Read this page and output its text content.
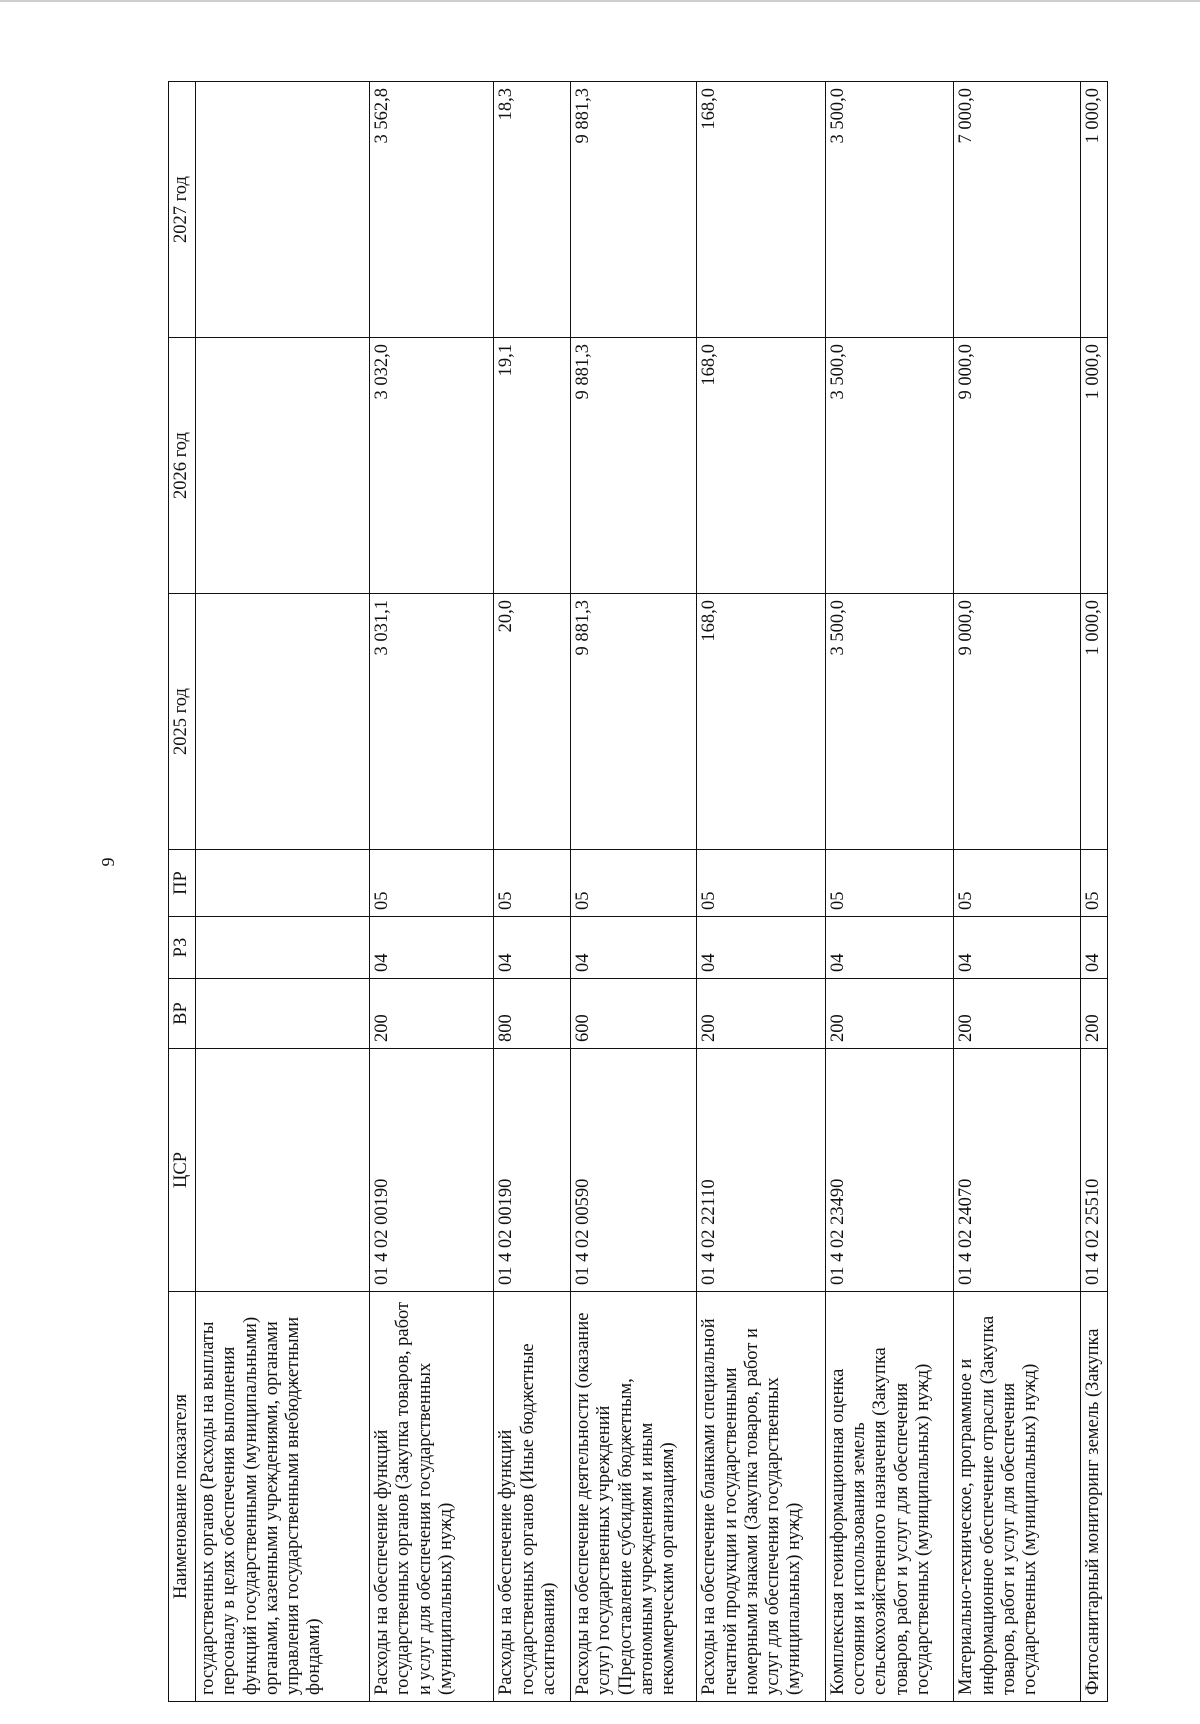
9
Наименование показателя	ЦСР	ВР	РЗ	ПР	2025 год	2026 год	2027 год
государственных органов (Расходы на выплаты персоналу в целях обеспечения выполнения функций государственными (муниципальными) органами, казенными учреждениями, органами управления государственными внебюджетными фондами)							
Расходы на обеспечение функций государственных органов (Закупка товаров, работ и услуг для обеспечения государственных (муниципальных) нужд)	01 4 02 00190	200	04	05	3 031,1	3 032,0	3 562,8
Расходы на обеспечение функций государственных органов (Иные бюджетные ассигнования)	01 4 02 00190	800	04	05	20,0	19,1	18,3
Расходы на обеспечение деятельности (оказание услуг) государственных учреждений (Предоставление субсидий бюджетным, автономным учреждениям и иным некоммерческим организациям)	01 4 02 00590	600	04	05	9 881,3	9 881,3	9 881,3
Расходы на обеспечение бланками специальной печатной продукции и государственными номерными знаками (Закупка товаров, работ и услуг для обеспечения государственных (муниципальных) нужд)	01 4 02 22110	200	04	05	168,0	168,0	168,0
Комплексная геоинформационная оценка состояния и использования земель сельскохозяйственного назначения (Закупка товаров, работ и услуг для обеспечения государственных (муниципальных) нужд)	01 4 02 23490	200	04	05	3 500,0	3 500,0	3 500,0
Материально-техническое, программное и информационное обеспечение отрасли (Закупка товаров, работ и услуг для обеспечения государственных (муниципальных) нужд)	01 4 02 24070	200	04	05	9 000,0	9 000,0	7 000,0
Фитосанитарный мониторинг земель (Закупка	01 4 02 25510	200	04	05	1 000,0	1 000,0	1 000,0
